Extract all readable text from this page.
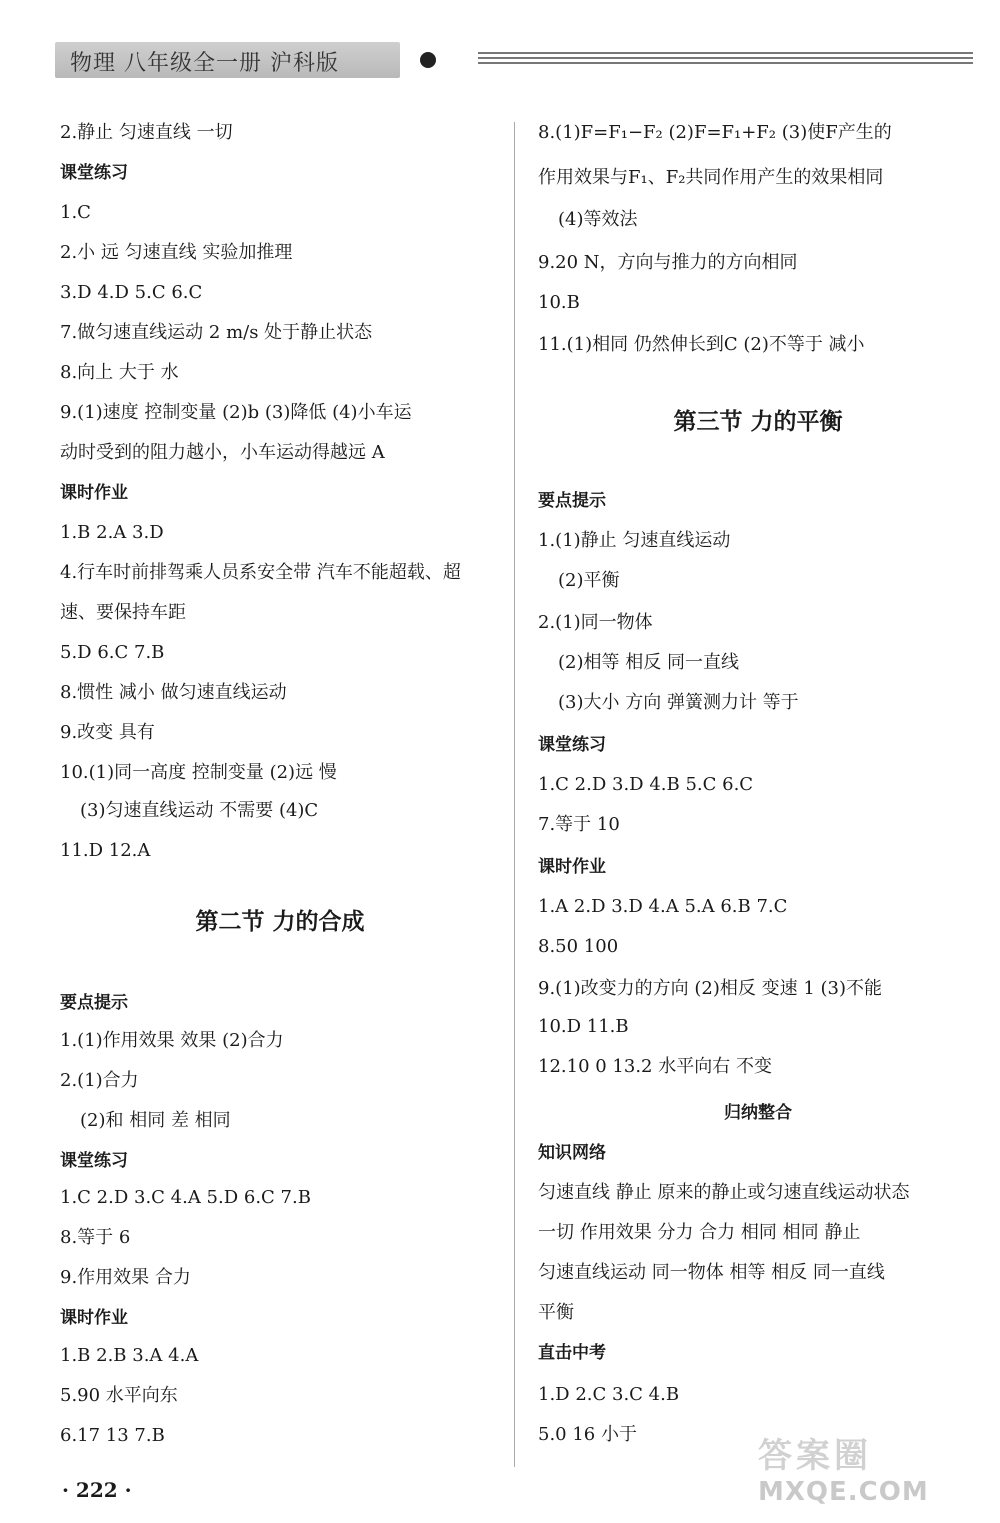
物理 八年级全一册 沪科版
2.静止 匀速直线 一切
课堂练习
1.C
2.小 远 匀速直线 实验加推理
3.D 4.D 5.C 6.C
7.做匀速直线运动 2 m/s 处于静止状态
8.向上 大于 水
9.(1)速度 控制变量 (2)b (3)降低 (4)小车运
动时受到的阻力越小，小车运动得越远 A
课时作业
1.B 2.A 3.D
4.行车时前排驾乘人员系安全带 汽车不能超载、超
速、要保持车距
5.D 6.C 7.B
8.惯性 减小 做匀速直线运动
9.改变 具有
10.(1)同一高度 控制变量 (2)远 慢
(3)匀速直线运动 不需要 (4)C
11.D 12.A
第二节 力的合成
要点提示
1.(1)作用效果 效果 (2)合力
2.(1)合力
(2)和 相同 差 相同
课堂练习
1.C 2.D 3.C 4.A 5.D 6.C 7.B
8.等于 6
9.作用效果 合力
课时作业
1.B 2.B 3.A 4.A
5.90 水平向东
6.17 13 7.B
8.(1)F=F₁−F₂ (2)F=F₁+F₂ (3)使F产生的
作用效果与F₁、F₂共同作用产生的效果相同
(4)等效法
9.20 N，方向与推力的方向相同
10.B
11.(1)相同 仍然伸长到C (2)不等于 减小
第三节 力的平衡
要点提示
1.(1)静止 匀速直线运动
(2)平衡
2.(1)同一物体
(2)相等 相反 同一直线
(3)大小 方向 弹簧测力计 等于
课堂练习
1.C 2.D 3.D 4.B 5.C 6.C
7.等于 10
课时作业
1.A 2.D 3.D 4.A 5.A 6.B 7.C
8.50 100
9.(1)改变力的方向 (2)相反 变速 1 (3)不能
10.D 11.B
12.10 0 13.2 水平向右 不变
归纳整合
知识网络
匀速直线 静止 原来的静止或匀速直线运动状态
一切 作用效果 分力 合力 相同 相同 静止
匀速直线运动 同一物体 相等 相反 同一直线
平衡
直击中考
1.D 2.C 3.C 4.B
5.0 16 小于
· 222 ·
答案圈
MXQE.COM
